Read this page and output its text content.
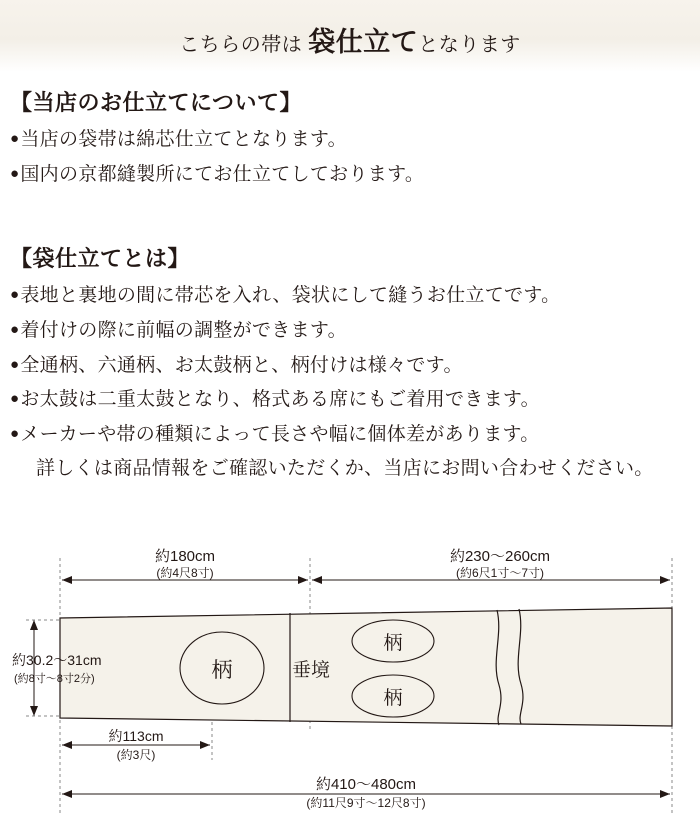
こちらの帯は 袋仕立てとなります

【当店のお仕立てについて】

●当店の袋帯は綿芯仕立てとなります。

●国内の京都縫製所にてお仕立てしております。

【袋仕立てとは】

●表地と裏地の間に帯芯を入れ、袋状にして縫うお仕立てです。

●着付けの際に前幅の調整ができます。

●全通柄、六通柄、お太鼓柄と、柄付けは様々です。

●お太鼓は二重太鼓となり、格式ある席にもご着用できます。

●メーカーや帯の種類によって長さや幅に個体差があります。

詳しくは商品情報をご確認いただくか、当店にお問い合わせください。

約180cm
(約4尺8寸)
約230〜260cm
(約6尺1寸〜7寸)
柄
柄
柄
垂境
約30.2〜31cm
(約8寸〜8寸2分)
約113cm
(約3尺)
約410〜480cm
(約11尺9寸〜12尺8寸)
